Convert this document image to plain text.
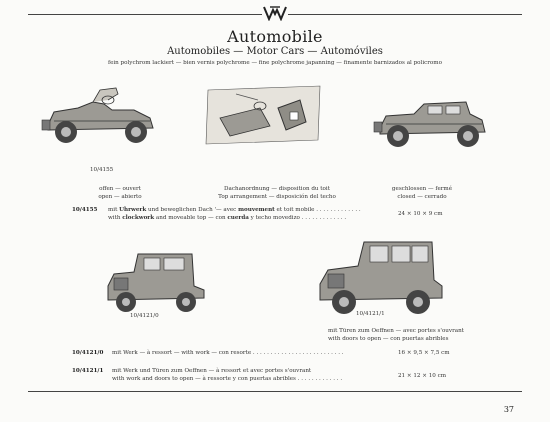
Automobile
Automobiles — Motor Cars — Automóviles
fein polychrom lackiert — bien vernis polychrome — fine polychrome japanning — finamente barnizados al policromo
10/4155
offen — ouvert
open — abierto
Dachanordnung — disposition du toit
Top arrangement — disposición del techo
geschlossen — fermé
closed — cerrado
10/4155 mit Uhrwerk und beweglichen Dach '— avec mouvement et toit mobile . . . . . . . . . . . . .
with clockwork and moveable top — con cuerda y techo movedizo . . . . . . . . . . . . .
24 × 10 × 9 cm
10/4121/0	10/4121/1
mit Türen zum Oeffnen — avec portes s'ouvrant
with doors to open — con puertas abribles
10/4121/0 mit Werk — à ressort — with work — con resorte . . . . . . . . . . . . . . . . . . . . . . . . . .	16 × 9,5 × 7,5 cm
10/4121/1 mit Werk und Türen zum Oeffnen — à ressort et avec portes s'ouvrant
with work and doors to open — à ressorte y con puertas abribles . . . . . . . . . . . . .	21 × 12 × 10 cm
37
